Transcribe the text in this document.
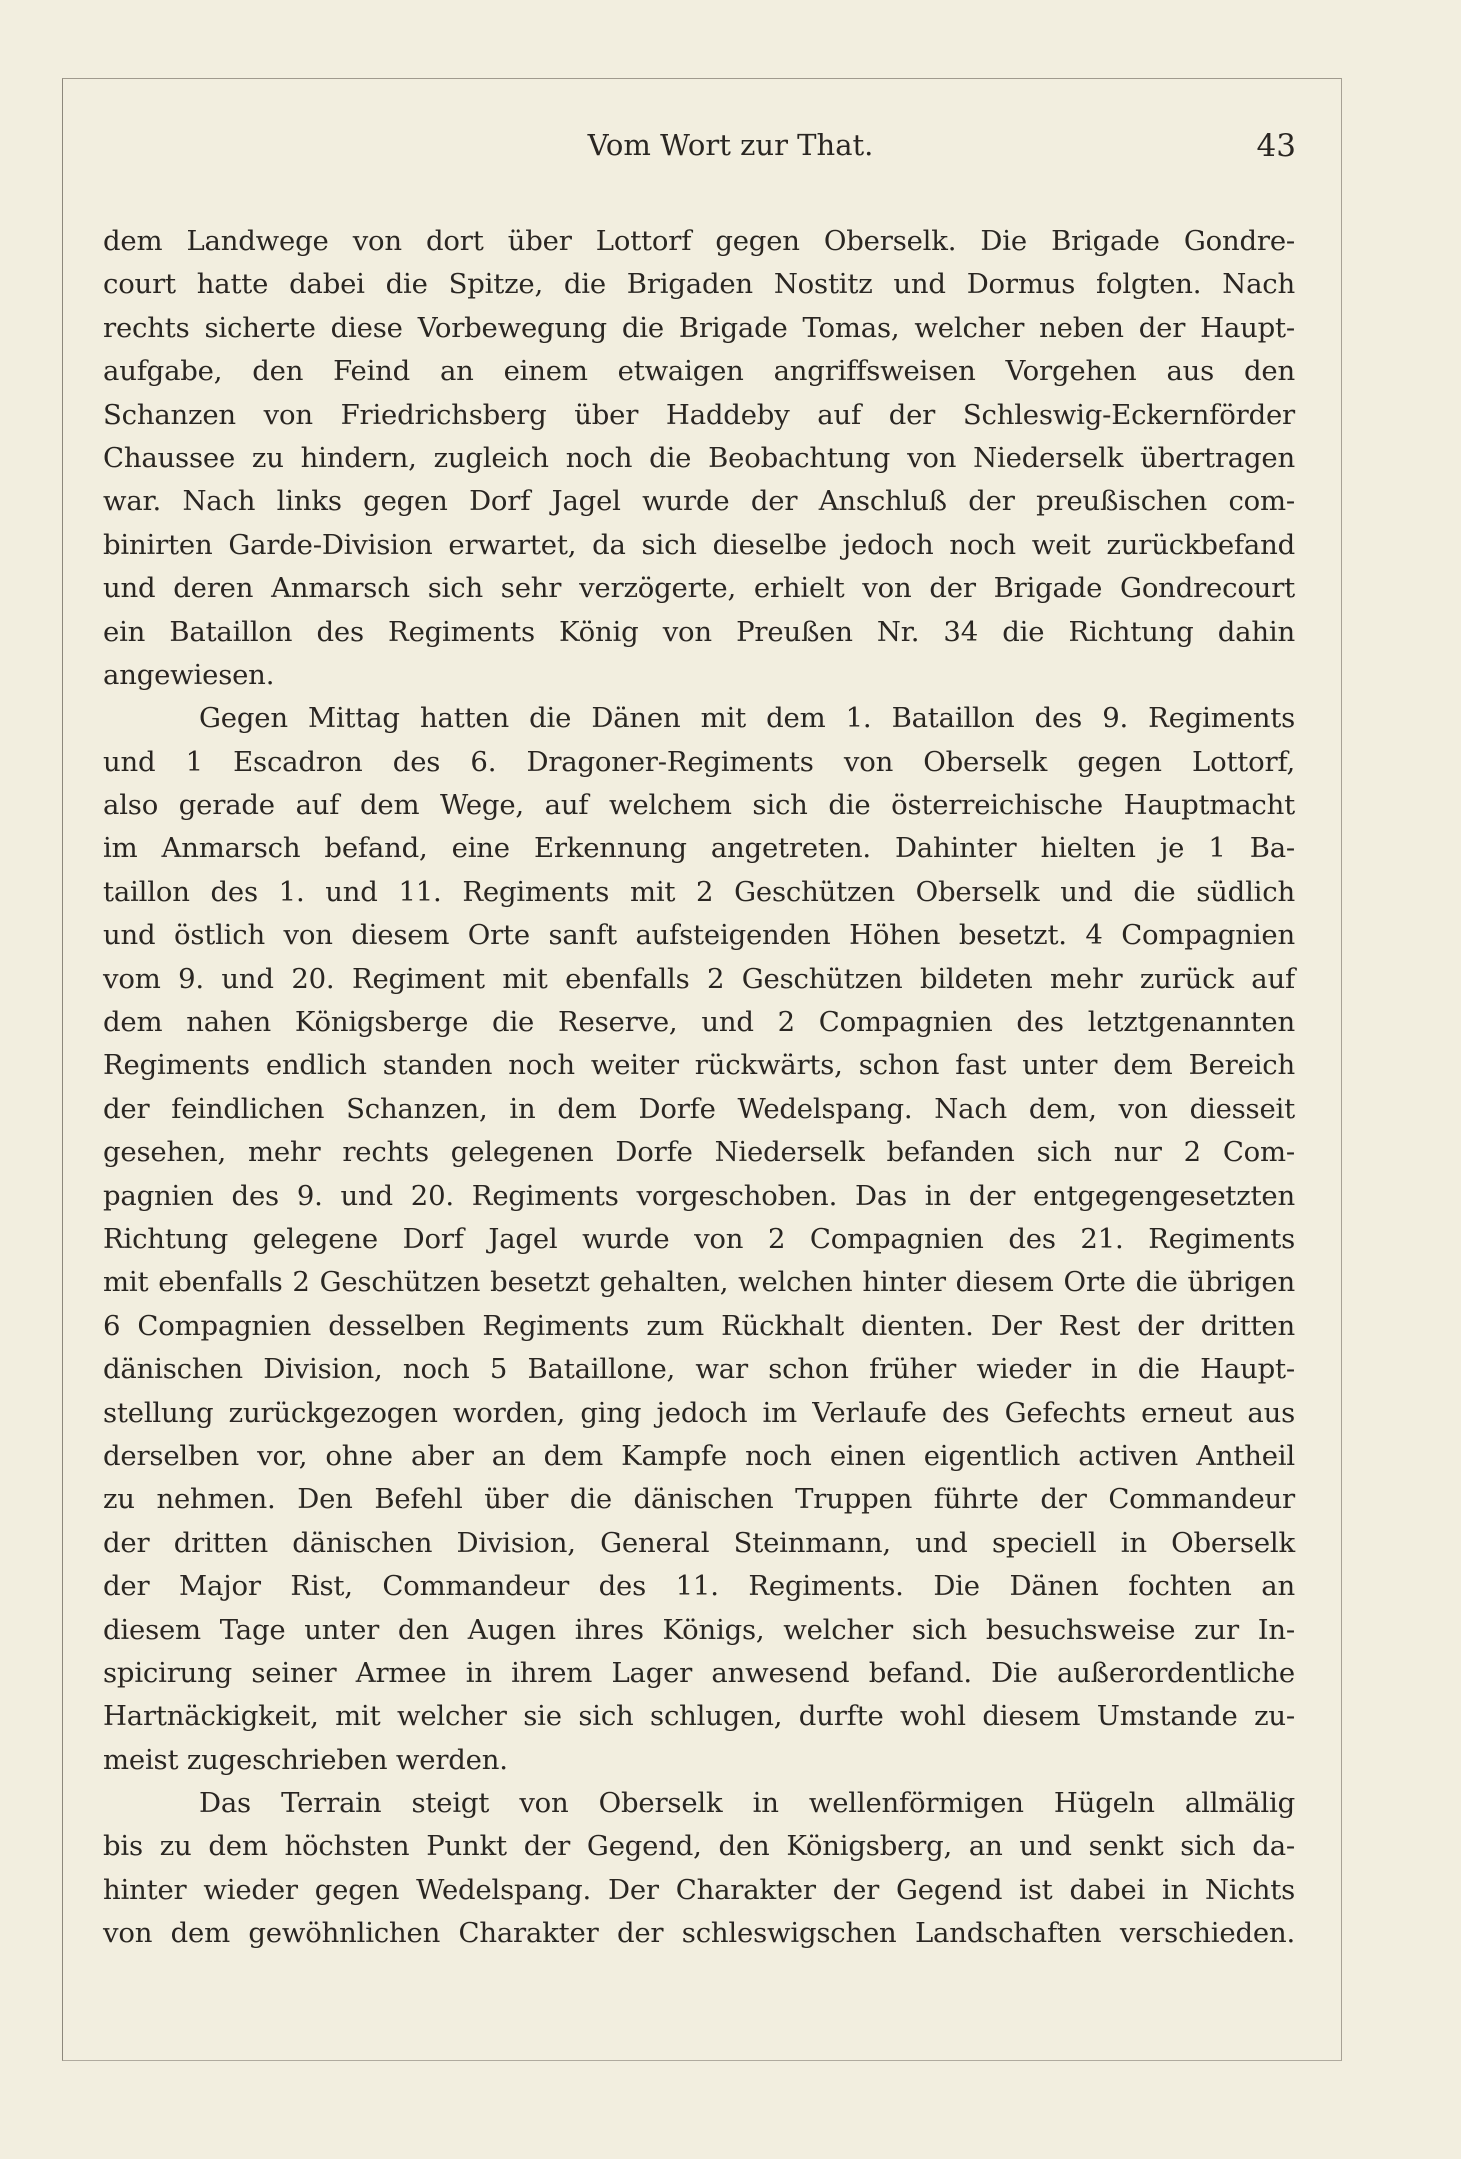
Vom Wort zur That.	43
dem Landwege von dort über Lottorf gegen Oberselk. Die Brigade Gondre-
court hatte dabei die Spitze, die Brigaden Nostitz und Dormus folgten. Nach
rechts sicherte diese Vorbewegung die Brigade Tomas, welcher neben der Haupt-
aufgabe, den Feind an einem etwaigen angriffsweisen Vorgehen aus den
Schanzen von Friedrichsberg über Haddeby auf der Schleswig-Eckernförder
Chaussee zu hindern, zugleich noch die Beobachtung von Niederselk übertragen
war. Nach links gegen Dorf Jagel wurde der Anschluß der preußischen com-
binirten Garde-Division erwartet, da sich dieselbe jedoch noch weit zurückbefand
und deren Anmarsch sich sehr verzögerte, erhielt von der Brigade Gondrecourt
ein Bataillon des Regiments König von Preußen Nr. 34 die Richtung dahin
angewiesen.
Gegen Mittag hatten die Dänen mit dem 1. Bataillon des 9. Regiments
und 1 Escadron des 6. Dragoner-Regiments von Oberselk gegen Lottorf,
also gerade auf dem Wege, auf welchem sich die österreichische Hauptmacht
im Anmarsch befand, eine Erkennung angetreten. Dahinter hielten je 1 Ba-
taillon des 1. und 11. Regiments mit 2 Geschützen Oberselk und die südlich
und östlich von diesem Orte sanft aufsteigenden Höhen besetzt. 4 Compagnien
vom 9. und 20. Regiment mit ebenfalls 2 Geschützen bildeten mehr zurück auf
dem nahen Königsberge die Reserve, und 2 Compagnien des letztgenannten
Regiments endlich standen noch weiter rückwärts, schon fast unter dem Bereich
der feindlichen Schanzen, in dem Dorfe Wedelspang. Nach dem, von diesseit
gesehen, mehr rechts gelegenen Dorfe Niederselk befanden sich nur 2 Com-
pagnien des 9. und 20. Regiments vorgeschoben. Das in der entgegengesetzten
Richtung gelegene Dorf Jagel wurde von 2 Compagnien des 21. Regiments
mit ebenfalls 2 Geschützen besetzt gehalten, welchen hinter diesem Orte die übrigen
6 Compagnien desselben Regiments zum Rückhalt dienten. Der Rest der dritten
dänischen Division, noch 5 Bataillone, war schon früher wieder in die Haupt-
stellung zurückgezogen worden, ging jedoch im Verlaufe des Gefechts erneut aus
derselben vor, ohne aber an dem Kampfe noch einen eigentlich activen Antheil
zu nehmen. Den Befehl über die dänischen Truppen führte der Commandeur
der dritten dänischen Division, General Steinmann, und speciell in Oberselk
der Major Rist, Commandeur des 11. Regiments. Die Dänen fochten an
diesem Tage unter den Augen ihres Königs, welcher sich besuchsweise zur In-
spicirung seiner Armee in ihrem Lager anwesend befand. Die außerordentliche
Hartnäckigkeit, mit welcher sie sich schlugen, durfte wohl diesem Umstande zu-
meist zugeschrieben werden.
Das Terrain steigt von Oberselk in wellenförmigen Hügeln allmälig
bis zu dem höchsten Punkt der Gegend, den Königsberg, an und senkt sich da-
hinter wieder gegen Wedelspang. Der Charakter der Gegend ist dabei in Nichts
von dem gewöhnlichen Charakter der schleswigschen Landschaften verschieden.
